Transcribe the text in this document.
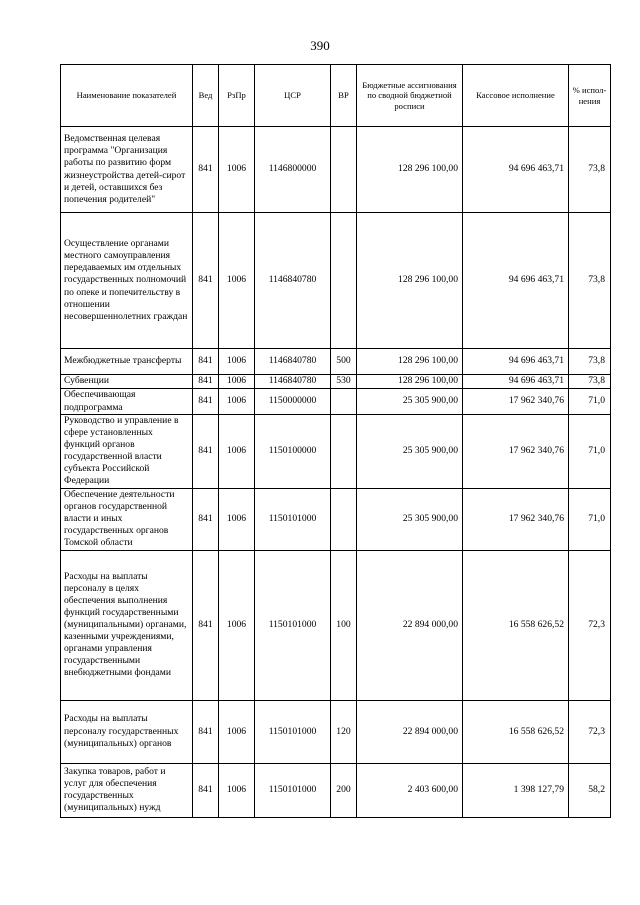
390
Наименование показателей	Вед	РзПр	ЦСР	ВР	Бюджетные ассигнования по сводной бюджетной росписи	Кассовое исполнение	% испол-нения
Ведомственная целевая программа "Организация работы по развитию форм жизнеустройства детей-сирот и детей, оставшихся без попечения родителей"	841	1006	1146800000		128 296 100,00	94 696 463,71	73,8
Осуществление органами местного самоуправления передаваемых им отдельных государственных полномочий по опеке и попечительству в отношении несовершеннолетних граждан	841	1006	1146840780		128 296 100,00	94 696 463,71	73,8
Межбюджетные трансферты	841	1006	1146840780	500	128 296 100,00	94 696 463,71	73,8
Субвенции	841	1006	1146840780	530	128 296 100,00	94 696 463,71	73,8
Обеспечивающая подпрограмма	841	1006	1150000000		25 305 900,00	17 962 340,76	71,0
Руководство и управление в сфере установленных функций органов государственной власти субъекта Российской Федерации	841	1006	1150100000		25 305 900,00	17 962 340,76	71,0
Обеспечение деятельности органов государственной власти и иных государственных органов Томской области	841	1006	1150101000		25 305 900,00	17 962 340,76	71,0
Расходы на выплаты персоналу в целях обеспечения выполнения функций государственными (муниципальными) органами, казенными учреждениями, органами управления государственными внебюджетными фондами	841	1006	1150101000	100	22 894 000,00	16 558 626,52	72,3
Расходы на выплаты персоналу государственных (муниципальных) органов	841	1006	1150101000	120	22 894 000,00	16 558 626,52	72,3
Закупка товаров, работ и услуг для обеспечения государственных (муниципальных) нужд	841	1006	1150101000	200	2 403 600,00	1 398 127,79	58,2
